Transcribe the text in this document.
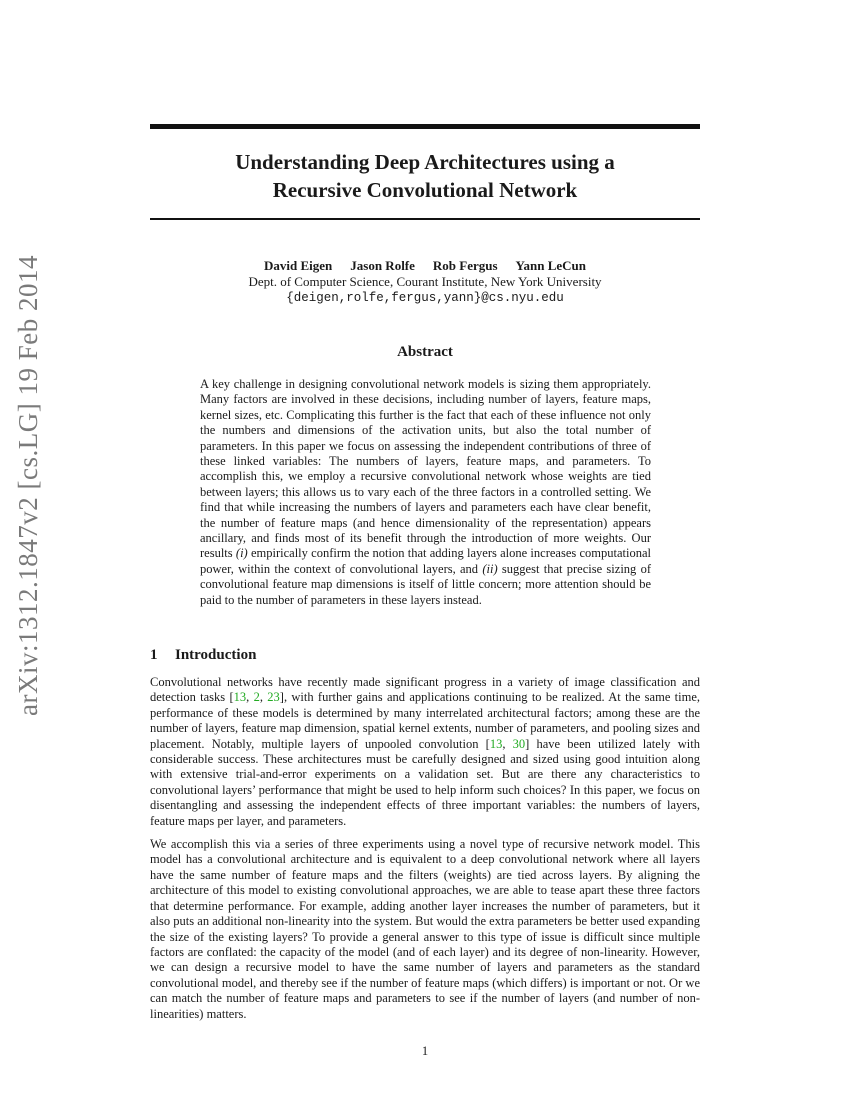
arXiv:1312.1847v2 [cs.LG] 19 Feb 2014
Understanding Deep Architectures using a
Recursive Convolutional Network
David Eigen Jason Rolfe Rob Fergus Yann LeCun
Dept. of Computer Science, Courant Institute, New York University
{deigen,rolfe,fergus,yann}@cs.nyu.edu
Abstract
A key challenge in designing convolutional network models is sizing them appropriately. Many factors are involved in these decisions, including number of layers, feature maps, kernel sizes, etc. Complicating this further is the fact that each of these influence not only the numbers and dimensions of the activation units, but also the total number of parameters. In this paper we focus on assessing the independent contributions of three of these linked variables: The numbers of layers, feature maps, and parameters. To accomplish this, we employ a recursive convolutional network whose weights are tied between layers; this allows us to vary each of the three factors in a controlled setting. We find that while increasing the numbers of layers and parameters each have clear benefit, the number of feature maps (and hence dimensionality of the representation) appears ancillary, and finds most of its benefit through the introduction of more weights. Our results (i) empirically confirm the notion that adding layers alone increases computational power, within the context of convolutional layers, and (ii) suggest that precise sizing of convolutional feature map dimensions is itself of little concern; more attention should be paid to the number of parameters in these layers instead.
1 Introduction

Convolutional networks have recently made significant progress in a variety of image classification and detection tasks [13, 2, 23], with further gains and applications continuing to be realized. At the same time, performance of these models is determined by many interrelated architectural factors; among these are the number of layers, feature map dimension, spatial kernel extents, number of parameters, and pooling sizes and placement. Notably, multiple layers of unpooled convolution [13, 30] have been utilized lately with considerable success. These architectures must be carefully designed and sized using good intuition along with extensive trial-and-error experiments on a validation set. But are there any characteristics to convolutional layers’ performance that might be used to help inform such choices? In this paper, we focus on disentangling and assessing the independent effects of three important variables: the numbers of layers, feature maps per layer, and parameters.

We accomplish this via a series of three experiments using a novel type of recursive network model. This model has a convolutional architecture and is equivalent to a deep convolutional network where all layers have the same number of feature maps and the filters (weights) are tied across layers. By aligning the architecture of this model to existing convolutional approaches, we are able to tease apart these three factors that determine performance. For example, adding another layer increases the number of parameters, but it also puts an additional non-linearity into the system. But would the extra parameters be better used expanding the size of the existing layers? To provide a general answer to this type of issue is difficult since multiple factors are conflated: the capacity of the model (and of each layer) and its degree of non-linearity. However, we can design a recursive model to have the same number of layers and parameters as the standard convolutional model, and thereby see if the number of feature maps (which differs) is important or not. Or we can match the number of feature maps and parameters to see if the number of layers (and number of non-linearities) matters.

1
